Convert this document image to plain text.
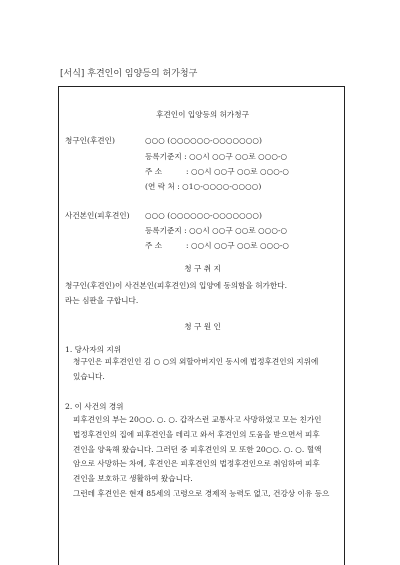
[서식] 후견인이 임양등의 허가청구
후견인이 입양등의 허가청구
청구인(후견인)	○○○ (○○○○○○-○○○○○○○)
등록기준지 : ○○시 ○○구 ○○로 ○○○-○
주 소	: ○○시 ○○구 ○○로 ○○○-○
(연 락 처 : ○1○-○○○○-○○○○)
사건본인(피후견인) ○○○ (○○○○○○-○○○○○○○)
등록기준지 : ○○시 ○○구 ○○로 ○○○-○
주 소	: ○○시 ○○구 ○○로 ○○○-○
청 구 취 지
청구인(후견인)이 사건본인(피후견인)의 입양에 동의함을 허가한다.
라는 심판을 구합니다.
청 구 원 인
1. 당사자의 지위
청구인은 피후견인인 김 ○ ○의 외할아버지인 동시에 법정후견인의 지위에
있습니다.
2. 이 사건의 경위
피후견인의 부는 20○○. ○. ○. 갑작스런 교통사고 사망하였고 모는 친가인
법정후견인의 집에 피후견인을 데리고 와서 후견인의 도움을 받으면서 피후
견인을 양육해 왔습니다. 그러던 중 피후견인의 모 또한 20○○. ○. ○. 혈액
암으로 사망하는 차에, 후견인은 피후견인의 법정후견인으로 취임하여 피후
견인을 보호하고 생활하여 왔습니다.
그런데 후견인은 현재 85세의 고령으로 경제적 능력도 없고, 건강상 이유 등으
